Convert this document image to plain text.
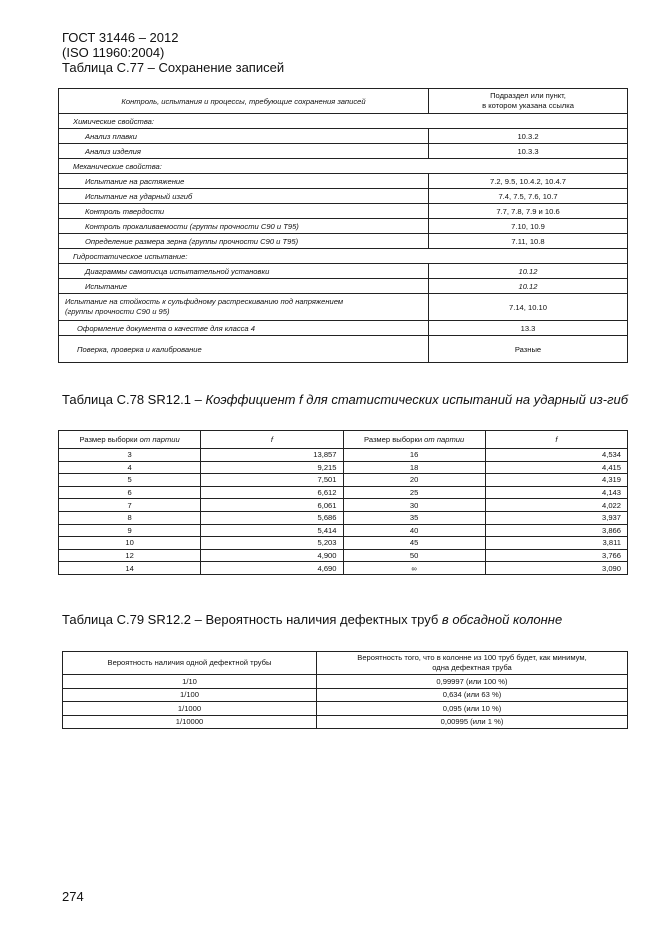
ГОСТ 31446 – 2012
(ISO 11960:2004)
Таблица С.77 – Сохранение записей
Контроль, испытания и процессы, требующие сохранения записей	Подраздел или пункт,
в котором указана ссылка

Химические свойства:	
Анализ плавки	10.3.2
Анализ изделия	10.3.3
Механические свойства:	
Испытание на растяжение	7.2, 9.5, 10.4.2, 10.4.7
Испытание на ударный изгиб	7.4, 7.5, 7.6, 10.7
Контроль твердости	7.7, 7.8, 7.9 и 10.6
Контроль прокаливаемости (группы прочности С90 и Т95)	7.10, 10.9
Определение размера зерна (группы прочности С90 и Т95)	7.11, 10.8
Гидростатическое испытание:	
Диаграммы самописца испытательной установки	10.12
Испытание	10.12

Испытание на стойкость к сульфидному растрескиванию под напряжением
(группы прочности С90 и 95)	7.14, 10.10
Оформление документа о качестве для класса 4	13.3
Поверка, проверка и калибрование	Разные
Таблица С.78 SR12.1 – Коэффициент f для статистических испытаний на ударный из-гиб
Размер выборки от партии	f	Размер выборки от партии	f
3	13,857	16	4,534
4	9,215	18	4,415
5	7,501	20	4,319
6	6,612	25	4,143
7	6,061	30	4,022
8	5,686	35	3,937
9	5,414	40	3,866
10	5,203	45	3,811
12	4,900	50	3,766
14	4,690	∞	3,090
Таблица С.79 SR12.2 – Вероятность наличия дефектных труб в обсадной колонне
Вероятность наличия одной дефектной трубы	Вероятность того, что в колонне из 100 труб будет, как минимум,
одна дефектная труба

1/10	0,99997 (или 100 %)
1/100	0,634 (или 63 %)
1/1000	0,095 (или 10 %)
1/10000	0,00995 (или 1 %)
274
